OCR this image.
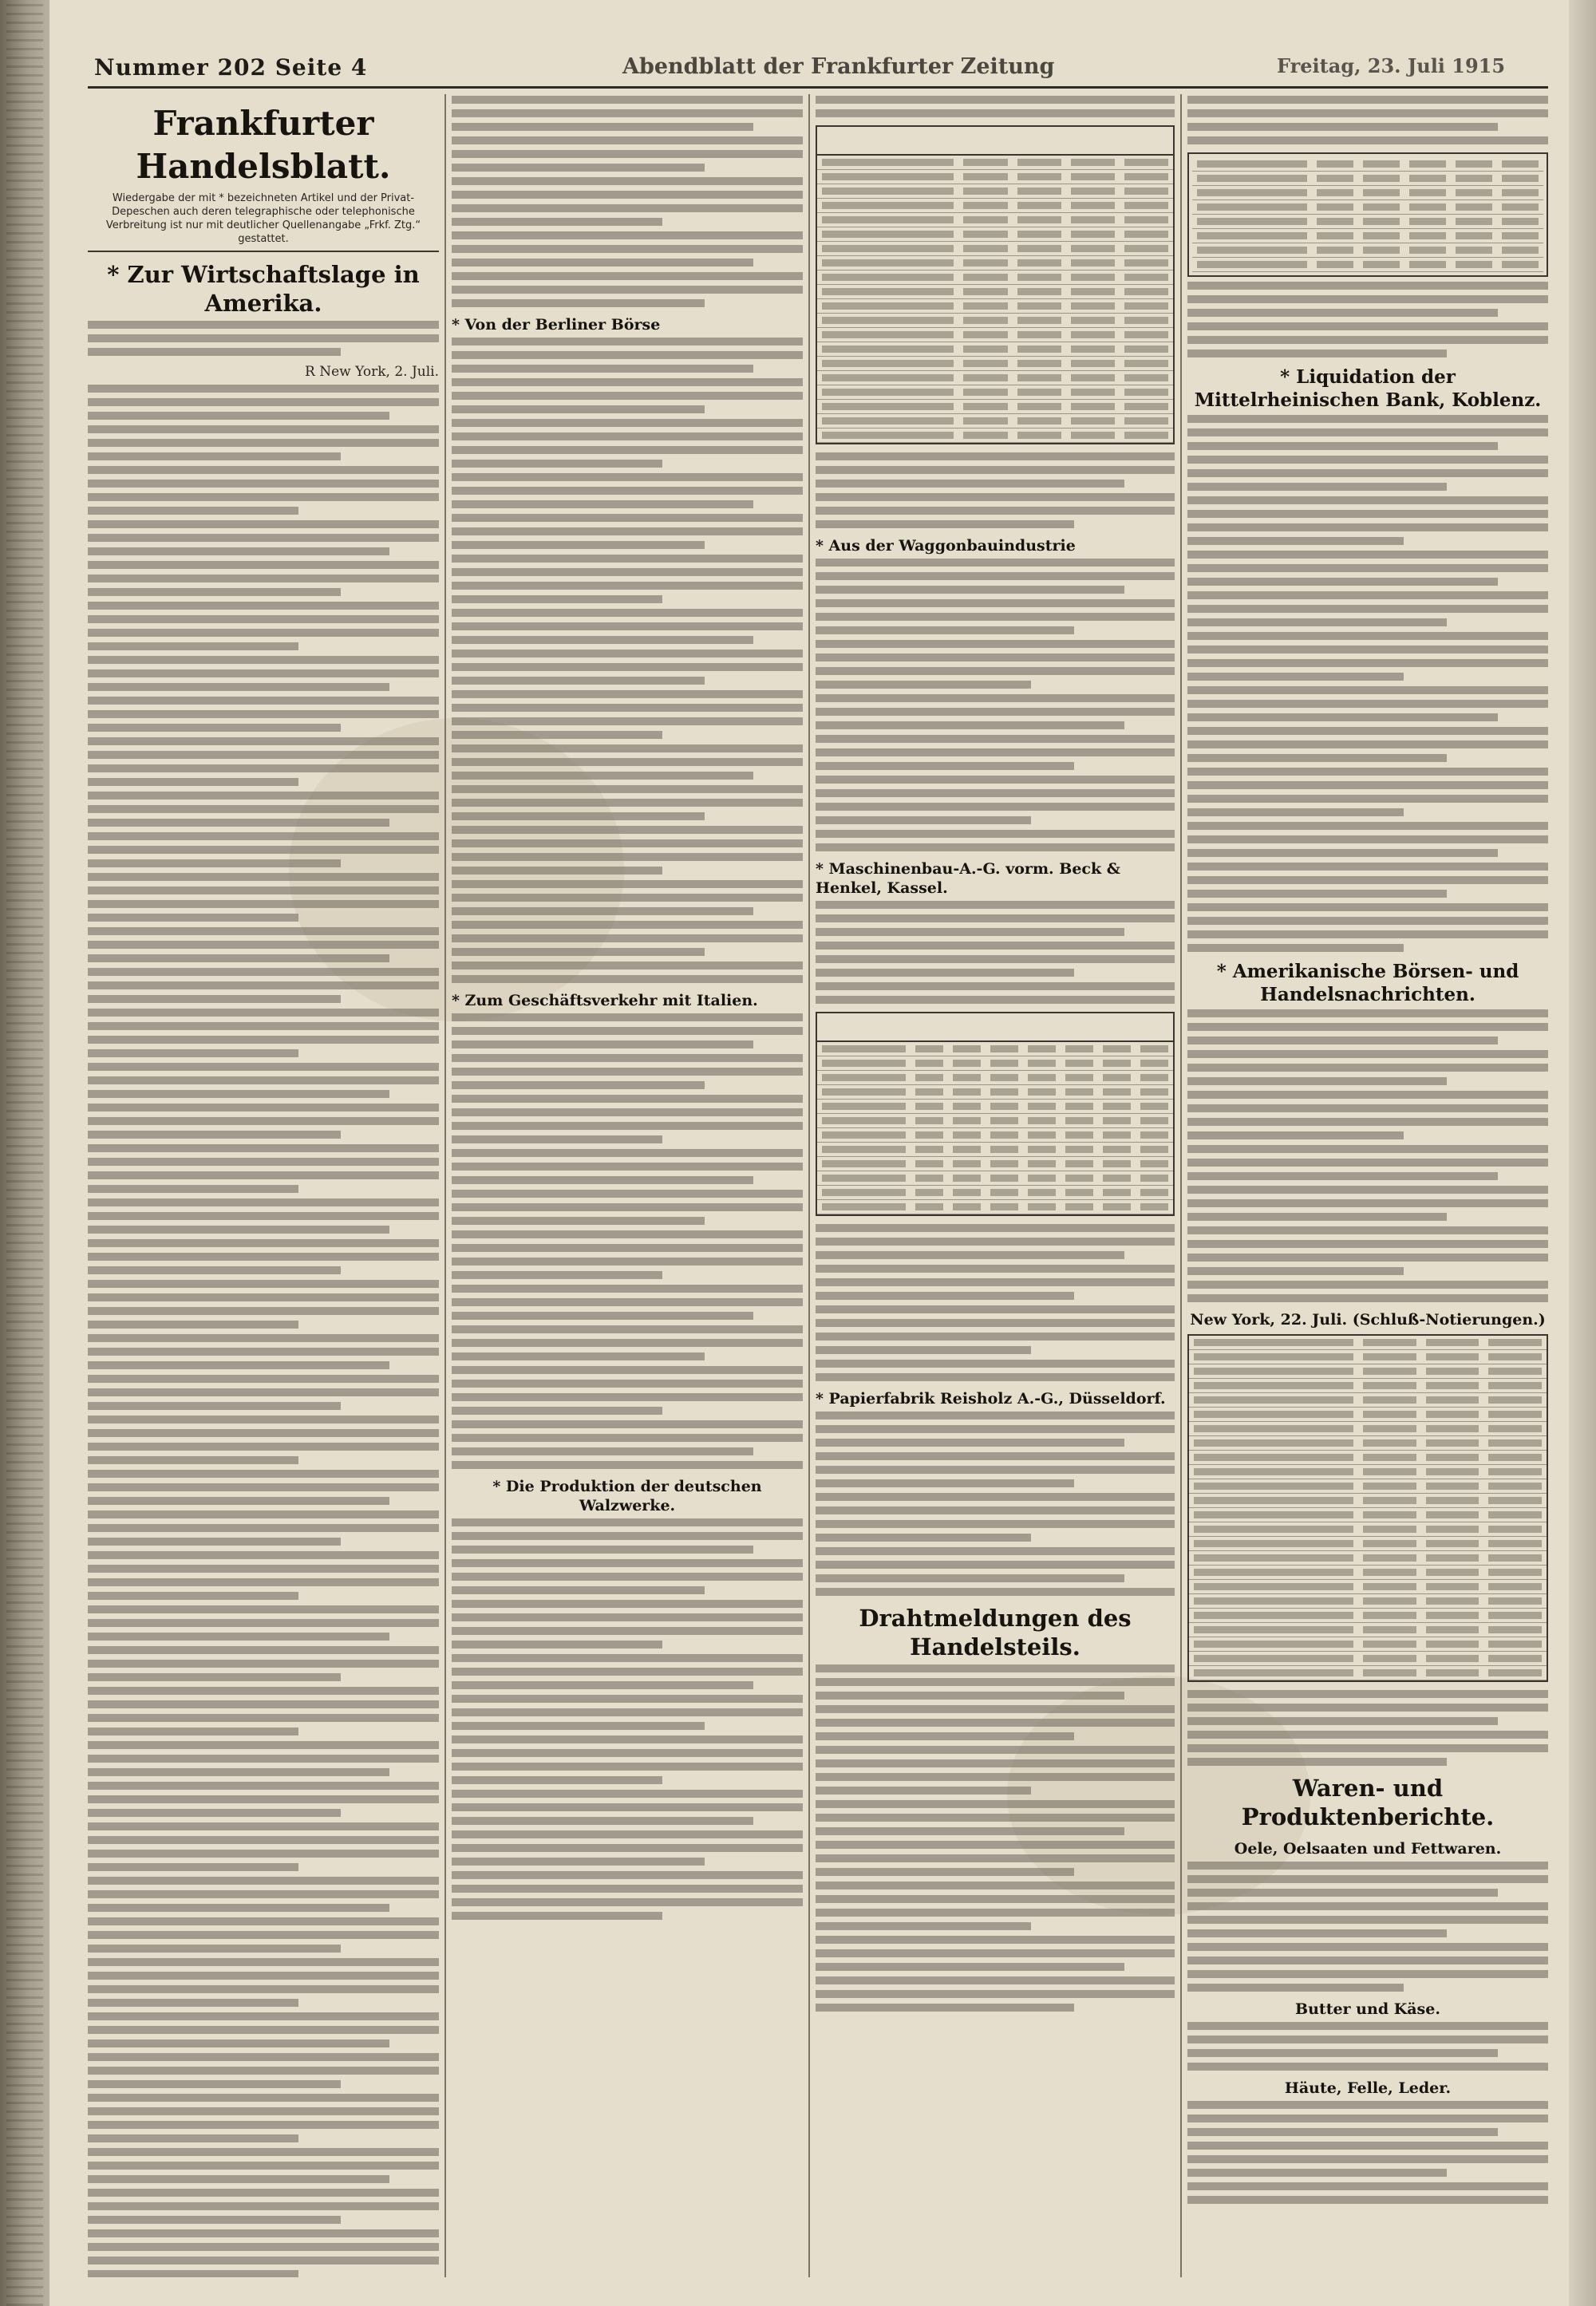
Nummer 202 Seite 4	Abendblatt der Frankfurter Zeitung	Freitag, 23. Juli 1915
Frankfurter Handelsblatt.
Wiedergabe der mit * bezeichneten Artikel und der Privat-Depeschen auch deren telegraphische oder telephonische Verbreitung ist nur mit deutlicher Quellenangabe „Frkf. Ztg.“ gestattet.
* Zur Wirtschaftslage in Amerika.
R New York, 2. Juli.
* Von der Berliner Börse
* Zum Geschäftsverkehr mit Italien.
* Die Produktion der deutschen Walzwerke.
* Aus der Waggonbauindustrie
* Maschinenbau-A.-G. vorm. Beck & Henkel, Kassel.
* Papierfabrik Reisholz A.-G., Düsseldorf.
Drahtmeldungen des Handelsteils.
* Liquidation der Mittelrheinischen Bank, Koblenz.
* Amerikanische Börsen- und Handelsnachrichten.
New York, 22. Juli. (Schluß-Notierungen.)
Waren- und Produktenberichte.
Oele, Oelsaaten und Fettwaren.
Butter und Käse.
Häute, Felle, Leder.
